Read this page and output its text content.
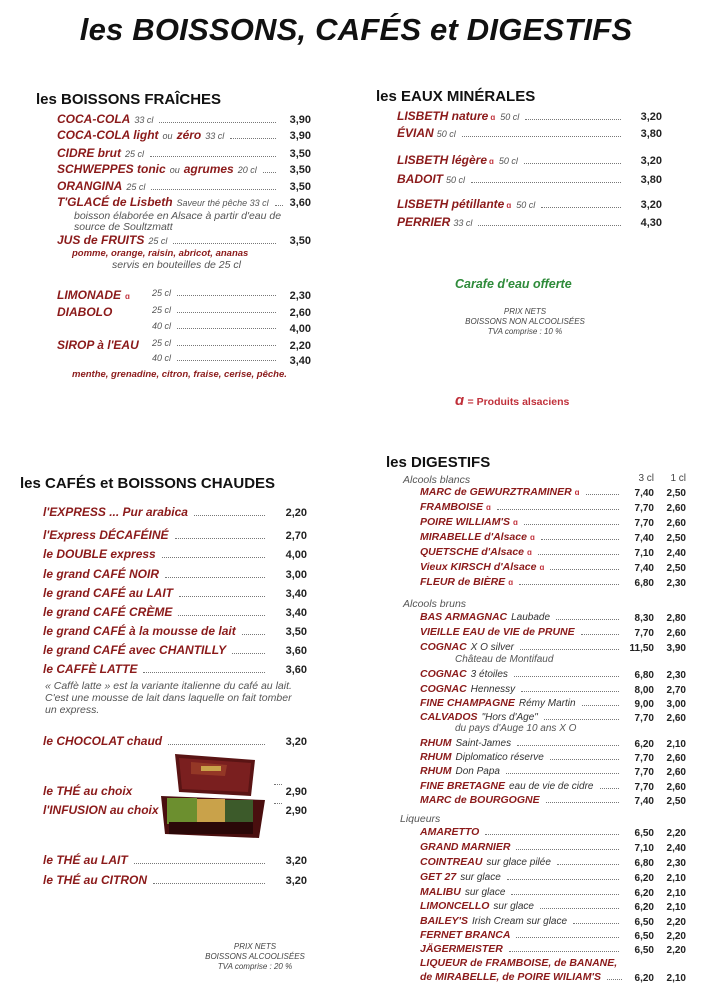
les BOISSONS, CAFÉS et DIGESTIFS
les BOISSONS FRAÎCHES
COCA-COLA 33 cl	3,90
COCA-COLA light ou zéro 33 cl	3,90
CIDRE brut 25 cl	3,50
SCHWEPPES tonic ou agrumes 20 cl	3,50
ORANGINA 25 cl	3,50
T'GLACÉ de Lisbeth Saveur thé pêche 33 cl	3,60
JUS de FRUITS 25 cl	3,50
boisson élaborée en Alsace à partir d'eau de source de Soultzmatt
pomme, orange, raisin, abricot, ananas
servis en bouteilles de 25 cl
LIMONADE ɑ 25 cl	2,30
DIABOLO	25 cl	2,60
40 cl	4,00
SIROP à l'EAU 25 cl	2,20
40 cl	3,40
menthe, grenadine, citron, fraise, cerise, pêche.
les EAUX MINÉRALES
LISBETH nature ɑ 50 cl	3,20
ÉVIAN 50 cl	3,80
LISBETH légère ɑ 50 cl	3,20
BADOIT 50 cl	3,80
LISBETH pétillante ɑ 50 cl	3,20
PERRIER 33 cl	4,30
Carafe d'eau offerte
PRIX NETS
BOISSONS NON ALCOOLISÉES
TVA comprise : 10 %
ɑ = Produits alsaciens
les CAFÉS et BOISSONS CHAUDES
l'EXPRESS ... Pur arabica	2,20
l'Express DÉCAFÉINÉ	2,70
le DOUBLE express	4,00
le grand CAFÉ NOIR	3,00
le grand CAFÉ au LAIT	3,40
le grand CAFÉ CRÈME	3,40
le grand CAFÉ à la mousse de lait	3,50
le grand CAFÉ avec CHANTILLY	3,60
le CAFFÈ LATTE	3,60
« Caffè latte » est la variante italienne du café au lait.
C'est une mousse de lait dans laquelle on fait tomber
un express.
le CHOCOLAT chaud	3,20
le THÉ au choix	2,90
l'INFUSION au choix	2,90
le THÉ au LAIT	3,20
le THÉ au CITRON	3,20
PRIX NETS
BOISSONS ALCOOLISÉES
TVA comprise : 20 %
les DIGESTIFS
3 cl	1 cl
Alcools blancs
Alcools bruns
Liqueurs
Château de Montifaud
du pays d'Auge 10 ans X O
MARC de GEWURZTRAMINER ɑ	7,40	2,50
FRAMBOISE ɑ	7,70	2,60
POIRE WILLIAM'S ɑ	7,70	2,60
MIRABELLE d'Alsace ɑ	7,40	2,50
QUETSCHE d'Alsace ɑ	7,10	2,40
Vieux KIRSCH d'Alsace ɑ	7,40	2,50
FLEUR de BIÈRE ɑ	6,80	2,30
BAS ARMAGNAC Laubade	8,30	2,80
VIEILLE EAU de VIE de PRUNE	7,70	2,60
COGNAC X O silver	11,50	3,90
COGNAC 3 étoiles	6,80	2,30
COGNAC Hennessy	8,00	2,70
FINE CHAMPAGNE Rémy Martin	9,00	3,00
CALVADOS "Hors d'Age"	7,70	2,60
RHUM Saint-James	6,20	2,10
RHUM Diplomatico réserve	7,70	2,60
RHUM Don Papa	7,70	2,60
FINE BRETAGNE eau de vie de cidre	7,70	2,60
MARC de BOURGOGNE	7,40	2,50
AMARETTO	6,50	2,20
GRAND MARNIER	7,10	2,40
COINTREAU sur glace pilée	6,80	2,30
GET 27 sur glace	6,20	2,10
MALIBU sur glace	6,20	2,10
LIMONCELLO sur glace	6,20	2,10
BAILEY'S Irish Cream sur glace	6,50	2,20
FERNET BRANCA	6,50	2,20
JÄGERMEISTER	6,50	2,20
LIQUEUR de FRAMBOISE, de BANANE,
de MIRABELLE, de POIRE WILIAM'S	6,20	2,10
